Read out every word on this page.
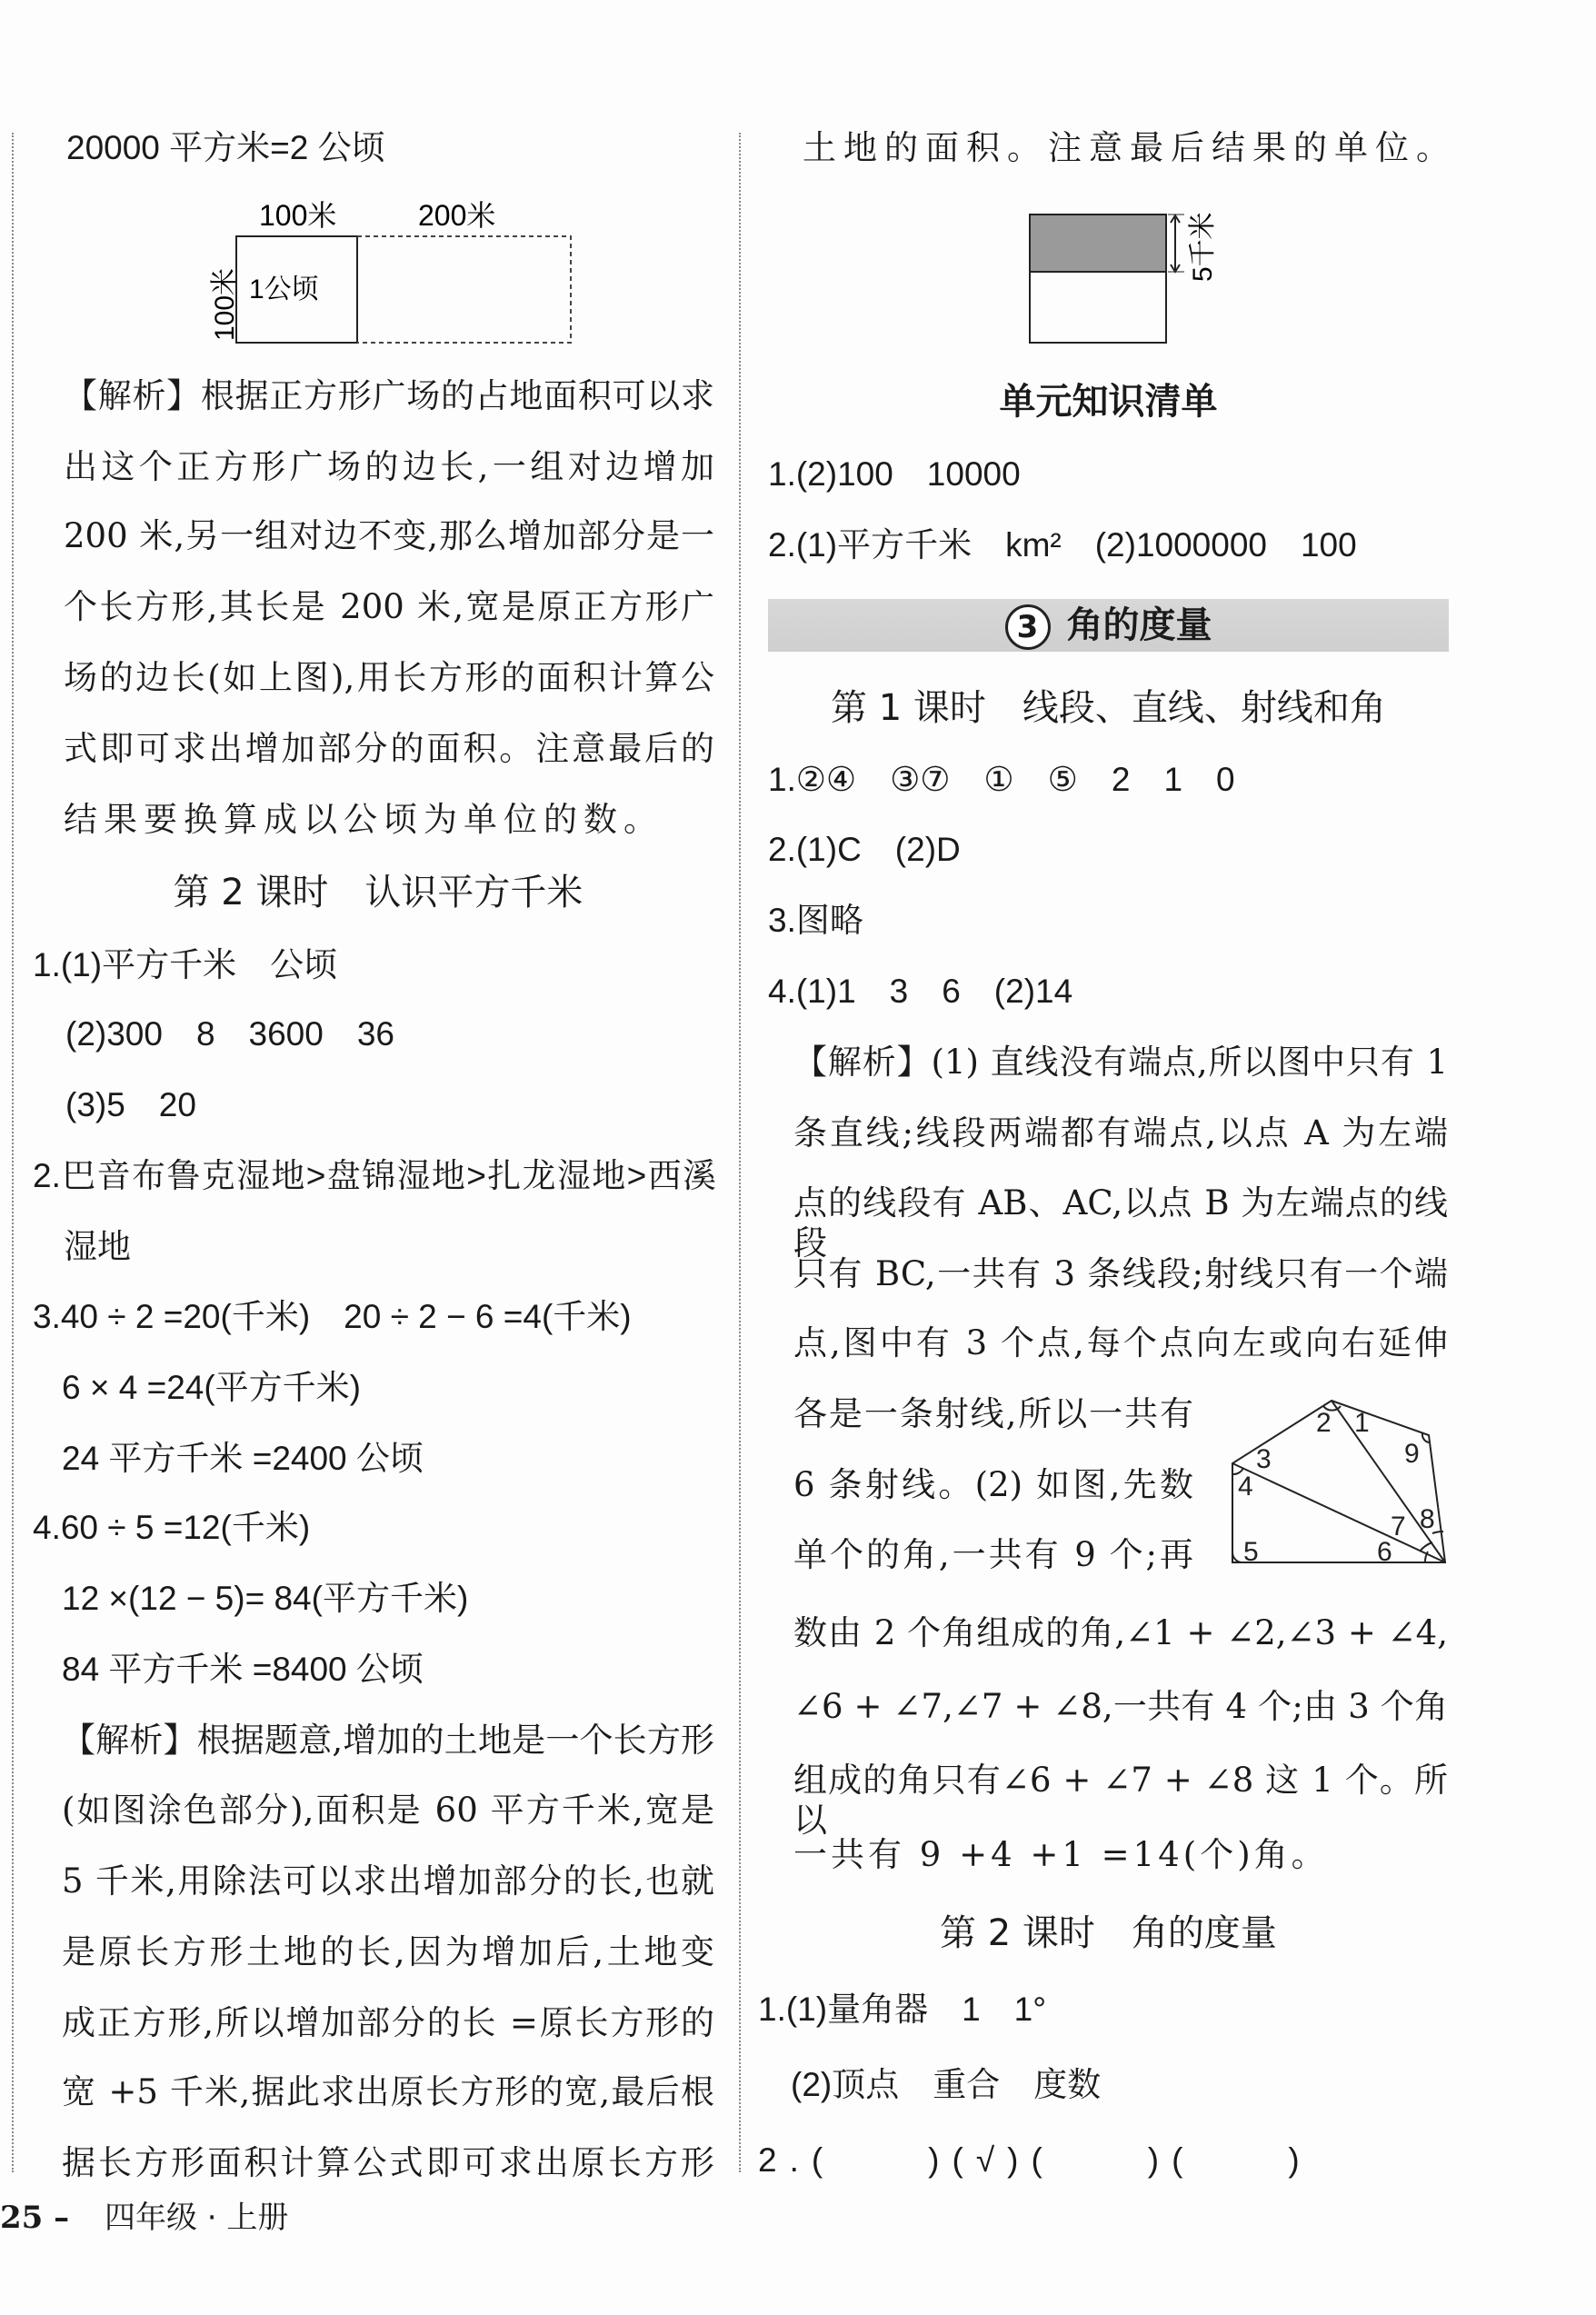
20000 平方米=2 公顷
100米	200米
1公顷
100米
【解析】根据正方形广场的占地面积可以求
出这个正方形广场的边长,一组对边增加
200 米,另一组对边不变,那么增加部分是一
个长方形,其长是 200 米,宽是原正方形广
场的边长(如上图),用长方形的面积计算公
式即可求出增加部分的面积。注意最后的
结果要换算成以公顷为单位的数。
第 2 课时　认识平方千米
1.(1)平方千米　公顷
(2)300　8　3600　36
(3)5　20
2.巴音布鲁克湿地>盘锦湿地>扎龙湿地>西溪
湿地
3.40 ÷ 2 =20(千米)　20 ÷ 2 − 6 =4(千米)
6 × 4 =24(平方千米)
24 平方千米 =2400 公顷
4.60 ÷ 5 =12(千米)
12 ×(12 − 5)= 84(平方千米)
84 平方千米 =8400 公顷
【解析】根据题意,增加的土地是一个长方形
(如图涂色部分),面积是 60 平方千米,宽是
5 千米,用除法可以求出增加部分的长,也就
是原长方形土地的长,因为增加后,土地变
成正方形,所以增加部分的长 =原长方形的
宽 +5 千米,据此求出原长方形的宽,最后根
据长方形面积计算公式即可求出原长方形
土地的面积。注意最后结果的单位。
5千米
单元知识清单
1.(2)100　10000
2.(1)平方千米　km²　(2)1000000　100
3 角的度量
第 1 课时　线段、直线、射线和角
1.②④　③⑦　①　⑤　2　1　0
2.(1)C　(2)D
3.图略
4.(1)1　3　6　(2)14
【解析】(1) 直线没有端点,所以图中只有 1
条直线;线段两端都有端点,以点 A 为左端
点的线段有 AB、AC,以点 B 为左端点的线段
只有 BC,一共有 3 条线段;射线只有一个端
点,图中有 3 个点,每个点向左或向右延伸
各是一条射线,所以一共有
6 条射线。(2) 如图,先数
单个的角,一共有 9 个;再
1
2
3
4
5	6
7 8
9
数由 2 个角组成的角,∠1 + ∠2,∠3 + ∠4,
∠6 + ∠7,∠7 + ∠8,一共有 4 个;由 3 个角
组成的角只有∠6 + ∠7 + ∠8 这 1 个。所以
一共有 9 +4 +1 =14(个)角。
第 2 课时　角的度量
1.(1)量角器　1　1°
(2)顶点　重合　度数
2.(　　)(√)(　　)(　　)
25 – 四年级 · 上册
